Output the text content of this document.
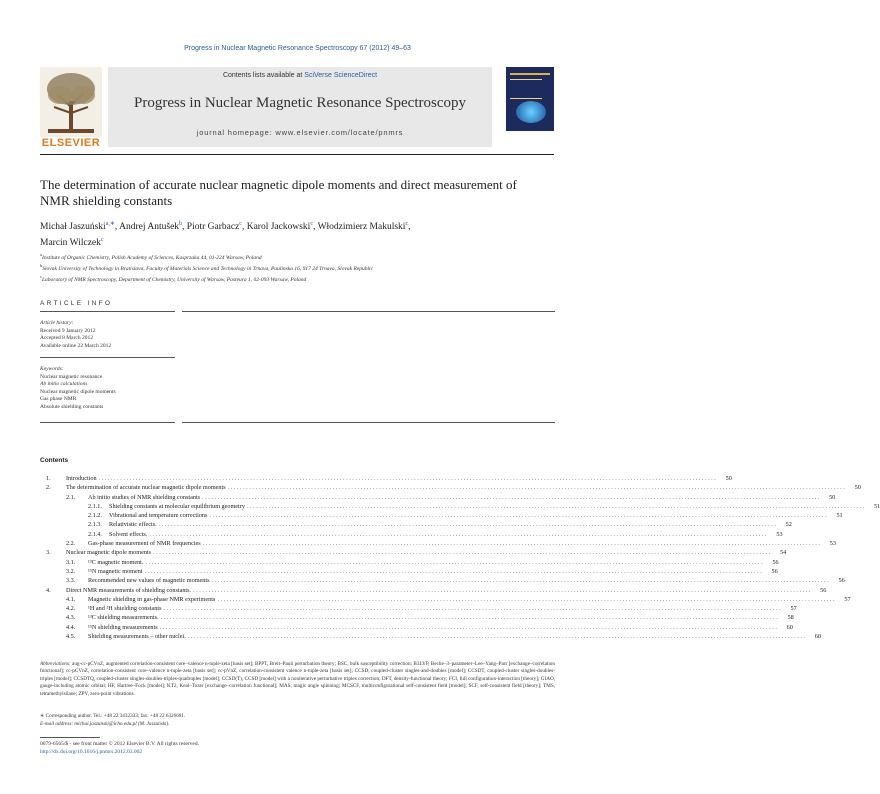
Progress in Nuclear Magnetic Resonance Spectroscopy 67 (2012) 49–63
ELSEVIER
Contents lists available at SciVerse ScienceDirect
Progress in Nuclear Magnetic Resonance Spectroscopy
journal homepage: www.elsevier.com/locate/pnmrs
The determination of accurate nuclear magnetic dipole moments and direct measurement of NMR shielding constants
Michał Jaszuński$^{a,∗}$, Andrej Antušek$^b$, Piotr Garbacz$^c$, Karol Jackowski$^c$, Włodzimierz Makulski$^c$,
Marcin Wilczek$^c$
$^a$Institute of Organic Chemistry, Polish Academy of Sciences, Kasprzaka 44, 01-224 Warsaw, Poland
$^b$Slovak University of Technology in Bratislava, Faculty of Materials Science and Technology in Trnava, Paulinska 16, 917 24 Trnava, Slovak Republic
$^c$Laboratory of NMR Spectroscopy, Department of Chemistry, University of Warsaw, Pasteura 1, 02-093 Warsaw, Poland
ARTICLE INFO
Article history:
Received 9 January 2012
Accepted 8 March 2012
Available online 22 March 2012
Keywords:
Nuclear magnetic resonance
Ab initio calculations
Nuclear magnetic dipole moments
Gas phase NMR
Absolute shielding constants
Contents
1.	Introduction . . . . . . . . . . . . . . . . . . . . . . . . . . . . . . . . . . . . . . . . . . . . . . . . . . . . . . . . . . . . . . . . . . . . . . . . . . . . . . . . . . . . . . . . . . . . . . . . . . . . . . . . . . . . . . . . . . . . . . . . . . . . . . . . . . . . . . . . . . . . . . . . . . . . . . . . . . . . . . . . . . . . . . . . . . . . . . . . . . . . . . . . . . . . . . . . . . . . . . . .	50
2.	The determination of accurate nuclear magnetic dipole moments . . . . . . . . . . . . . . . . . . . . . . . . . . . . . . . . . . . . . . . . . . . . . . . . . . . . . . . . . . . . . . . . . . . . . . . . . . . . . . . . . . . . . . . . . . . . . . . . . . . . . . . . . . . . . . . . . . . . . . . . . . . . . . . . . . . . . . . . . . . . . . . . . . . . . . . . . . . . . . . . . . . . . . . . . . . . . . . . . . . . . . . . . . . . . . . . . . . . . . . .	50
2.1.	Ab initio studies of NMR shielding constants . . . . . . . . . . . . . . . . . . . . . . . . . . . . . . . . . . . . . . . . . . . . . . . . . . . . . . . . . . . . . . . . . . . . . . . . . . . . . . . . . . . . . . . . . . . . . . . . . . . . . . . . . . . . . . . . . . . . . . . . . . . . . . . . . . . . . . . . . . . . . . . . . . . . . . . . . . . . . . . . . . . . . . . . . . . . . . . . . . . . . . . . . . . . . . . . . . . . . . . .	50
2.1.1.	Shielding constants at molecular equilibrium geometry . . . . . . . . . . . . . . . . . . . . . . . . . . . . . . . . . . . . . . . . . . . . . . . . . . . . . . . . . . . . . . . . . . . . . . . . . . . . . . . . . . . . . . . . . . . . . . . . . . . . . . . . . . . . . . . . . . . . . . . . . . . . . . . . . . . . . . . . . . . . . . . . . . . . . . . . . . . . . . . . . . . . . . . . . . . . . . . . . . . . . . . . . . . . . . . . . . . . . . . .	51
2.1.2.	Vibrational and temperature corrections . . . . . . . . . . . . . . . . . . . . . . . . . . . . . . . . . . . . . . . . . . . . . . . . . . . . . . . . . . . . . . . . . . . . . . . . . . . . . . . . . . . . . . . . . . . . . . . . . . . . . . . . . . . . . . . . . . . . . . . . . . . . . . . . . . . . . . . . . . . . . . . . . . . . . . . . . . . . . . . . . . . . . . . . . . . . . . . . . . . . . . . . . . . . . . . . . . . . . . . .	51
2.1.3.	Relativistic effects. . . . . . . . . . . . . . . . . . . . . . . . . . . . . . . . . . . . . . . . . . . . . . . . . . . . . . . . . . . . . . . . . . . . . . . . . . . . . . . . . . . . . . . . . . . . . . . . . . . . . . . . . . . . . . . . . . . . . . . . . . . . . . . . . . . . . . . . . . . . . . . . . . . . . . . . . . . . . . . . . . . . . . . . . . . . . . . . . . . . . . . . . . . . . . . . . . . . . . . . .	52
2.1.4.	Solvent effects. . . . . . . . . . . . . . . . . . . . . . . . . . . . . . . . . . . . . . . . . . . . . . . . . . . . . . . . . . . . . . . . . . . . . . . . . . . . . . . . . . . . . . . . . . . . . . . . . . . . . . . . . . . . . . . . . . . . . . . . . . . . . . . . . . . . . . . . . . . . . . . . . . . . . . . . . . . . . . . . . . . . . . . . . . . . . . . . . . . . . . . . . . . . . . . . . . . . . . . . .	53
2.2.	Gas-phase measurement of NMR frequencies . . . . . . . . . . . . . . . . . . . . . . . . . . . . . . . . . . . . . . . . . . . . . . . . . . . . . . . . . . . . . . . . . . . . . . . . . . . . . . . . . . . . . . . . . . . . . . . . . . . . . . . . . . . . . . . . . . . . . . . . . . . . . . . . . . . . . . . . . . . . . . . . . . . . . . . . . . . . . . . . . . . . . . . . . . . . . . . . . . . . . . . . . . . . . . . . . . . . . . . .	53
3.	Nuclear magnetic dipole moments . . . . . . . . . . . . . . . . . . . . . . . . . . . . . . . . . . . . . . . . . . . . . . . . . . . . . . . . . . . . . . . . . . . . . . . . . . . . . . . . . . . . . . . . . . . . . . . . . . . . . . . . . . . . . . . . . . . . . . . . . . . . . . . . . . . . . . . . . . . . . . . . . . . . . . . . . . . . . . . . . . . . . . . . . . . . . . . . . . . . . . . . . . . . . . . . . . . . . . . .	54
3.1.	¹³C magnetic moment. . . . . . . . . . . . . . . . . . . . . . . . . . . . . . . . . . . . . . . . . . . . . . . . . . . . . . . . . . . . . . . . . . . . . . . . . . . . . . . . . . . . . . . . . . . . . . . . . . . . . . . . . . . . . . . . . . . . . . . . . . . . . . . . . . . . . . . . . . . . . . . . . . . . . . . . . . . . . . . . . . . . . . . . . . . . . . . . . . . . . . . . . . . . . . . . . . . . . . . . .	56
3.2.	¹⁵N magnetic moment . . . . . . . . . . . . . . . . . . . . . . . . . . . . . . . . . . . . . . . . . . . . . . . . . . . . . . . . . . . . . . . . . . . . . . . . . . . . . . . . . . . . . . . . . . . . . . . . . . . . . . . . . . . . . . . . . . . . . . . . . . . . . . . . . . . . . . . . . . . . . . . . . . . . . . . . . . . . . . . . . . . . . . . . . . . . . . . . . . . . . . . . . . . . . . . . . . . . . . . .	56
3.3.	Recommended new values of magnetic moments . . . . . . . . . . . . . . . . . . . . . . . . . . . . . . . . . . . . . . . . . . . . . . . . . . . . . . . . . . . . . . . . . . . . . . . . . . . . . . . . . . . . . . . . . . . . . . . . . . . . . . . . . . . . . . . . . . . . . . . . . . . . . . . . . . . . . . . . . . . . . . . . . . . . . . . . . . . . . . . . . . . . . . . . . . . . . . . . . . . . . . . . . . . . . . . . . . . . . . . .	56
4.	Direct NMR measurements of shielding constants. . . . . . . . . . . . . . . . . . . . . . . . . . . . . . . . . . . . . . . . . . . . . . . . . . . . . . . . . . . . . . . . . . . . . . . . . . . . . . . . . . . . . . . . . . . . . . . . . . . . . . . . . . . . . . . . . . . . . . . . . . . . . . . . . . . . . . . . . . . . . . . . . . . . . . . . . . . . . . . . . . . . . . . . . . . . . . . . . . . . . . . . . . . . . . . . . . . . . . . . .	56
4.1.	Magnetic shielding in gas-phase NMR experiments . . . . . . . . . . . . . . . . . . . . . . . . . . . . . . . . . . . . . . . . . . . . . . . . . . . . . . . . . . . . . . . . . . . . . . . . . . . . . . . . . . . . . . . . . . . . . . . . . . . . . . . . . . . . . . . . . . . . . . . . . . . . . . . . . . . . . . . . . . . . . . . . . . . . . . . . . . . . . . . . . . . . . . . . . . . . . . . . . . . . . . . . . . . . . . . . . . . . . . . .	57
4.2.	¹H and ²H shielding constants . . . . . . . . . . . . . . . . . . . . . . . . . . . . . . . . . . . . . . . . . . . . . . . . . . . . . . . . . . . . . . . . . . . . . . . . . . . . . . . . . . . . . . . . . . . . . . . . . . . . . . . . . . . . . . . . . . . . . . . . . . . . . . . . . . . . . . . . . . . . . . . . . . . . . . . . . . . . . . . . . . . . . . . . . . . . . . . . . . . . . . . . . . . . . . . . . . . . . . . .	57
4.3.	¹³C shielding measurements. . . . . . . . . . . . . . . . . . . . . . . . . . . . . . . . . . . . . . . . . . . . . . . . . . . . . . . . . . . . . . . . . . . . . . . . . . . . . . . . . . . . . . . . . . . . . . . . . . . . . . . . . . . . . . . . . . . . . . . . . . . . . . . . . . . . . . . . . . . . . . . . . . . . . . . . . . . . . . . . . . . . . . . . . . . . . . . . . . . . . . . . . . . . . . . . . . . . . . . . .	58
4.4.	¹⁵N shielding measurements . . . . . . . . . . . . . . . . . . . . . . . . . . . . . . . . . . . . . . . . . . . . . . . . . . . . . . . . . . . . . . . . . . . . . . . . . . . . . . . . . . . . . . . . . . . . . . . . . . . . . . . . . . . . . . . . . . . . . . . . . . . . . . . . . . . . . . . . . . . . . . . . . . . . . . . . . . . . . . . . . . . . . . . . . . . . . . . . . . . . . . . . . . . . . . . . . . . . . . . .	60
4.5.	Shielding measurements – other nuclei. . . . . . . . . . . . . . . . . . . . . . . . . . . . . . . . . . . . . . . . . . . . . . . . . . . . . . . . . . . . . . . . . . . . . . . . . . . . . . . . . . . . . . . . . . . . . . . . . . . . . . . . . . . . . . . . . . . . . . . . . . . . . . . . . . . . . . . . . . . . . . . . . . . . . . . . . . . . . . . . . . . . . . . . . . . . . . . . . . . . . . . . . . . . . . . . . . . . . . . . .	60
Abbreviations: aug-cc-pCVnZ, augmented correlation-consistent core–valence n-tuple-zeta [basis set]; BPPT, Breit–Pauli perturbation theory; BSC, bulk susceptibility correction; B3LYP, Becke–3–parameter–Lee–Yang–Parr [exchange–correlation functional]; cc-pCVnZ, correlation-consistent core–valence n-tuple-zeta [basis set]; cc-pVnZ, correlation-consistent valence n-tuple-zeta [basis set]; CCSD, coupled-cluster singles-and-doubles [model]; CCSDT, coupled-cluster singles-doubles-triples [model]; CCSDTQ, coupled-cluster singles-doubles-triples-quadruples [model]; CCSD(T), CCSD [model] with a noniterative perturbative triples correction; DFT, density-functional theory; FCI, full configuration-interaction [theory]; GIAO, gauge-including atomic orbital; HF, Hartree–Fock [model]; KT2, Keal–Tozer [exchange–correlation functional]; MAS, magic angle spinning; MCSCF, multiconfigurational self-consistent field [model]; SCF, self-consistent field [theory]; TMS, tetramethylsilane; ZPV, zero-point vibrations.
∗ Corresponding author. Tel.: +48 22 3432333; fax: +48 22 6326681.
E-mail address: michal.jaszunski@icho.edu.pl (M. Jaszuński).
0079-6565/$ - see front matter © 2012 Elsevier B.V. All rights reserved.
http://dx.doi.org/10.1016/j.pnmrs.2012.03.002
